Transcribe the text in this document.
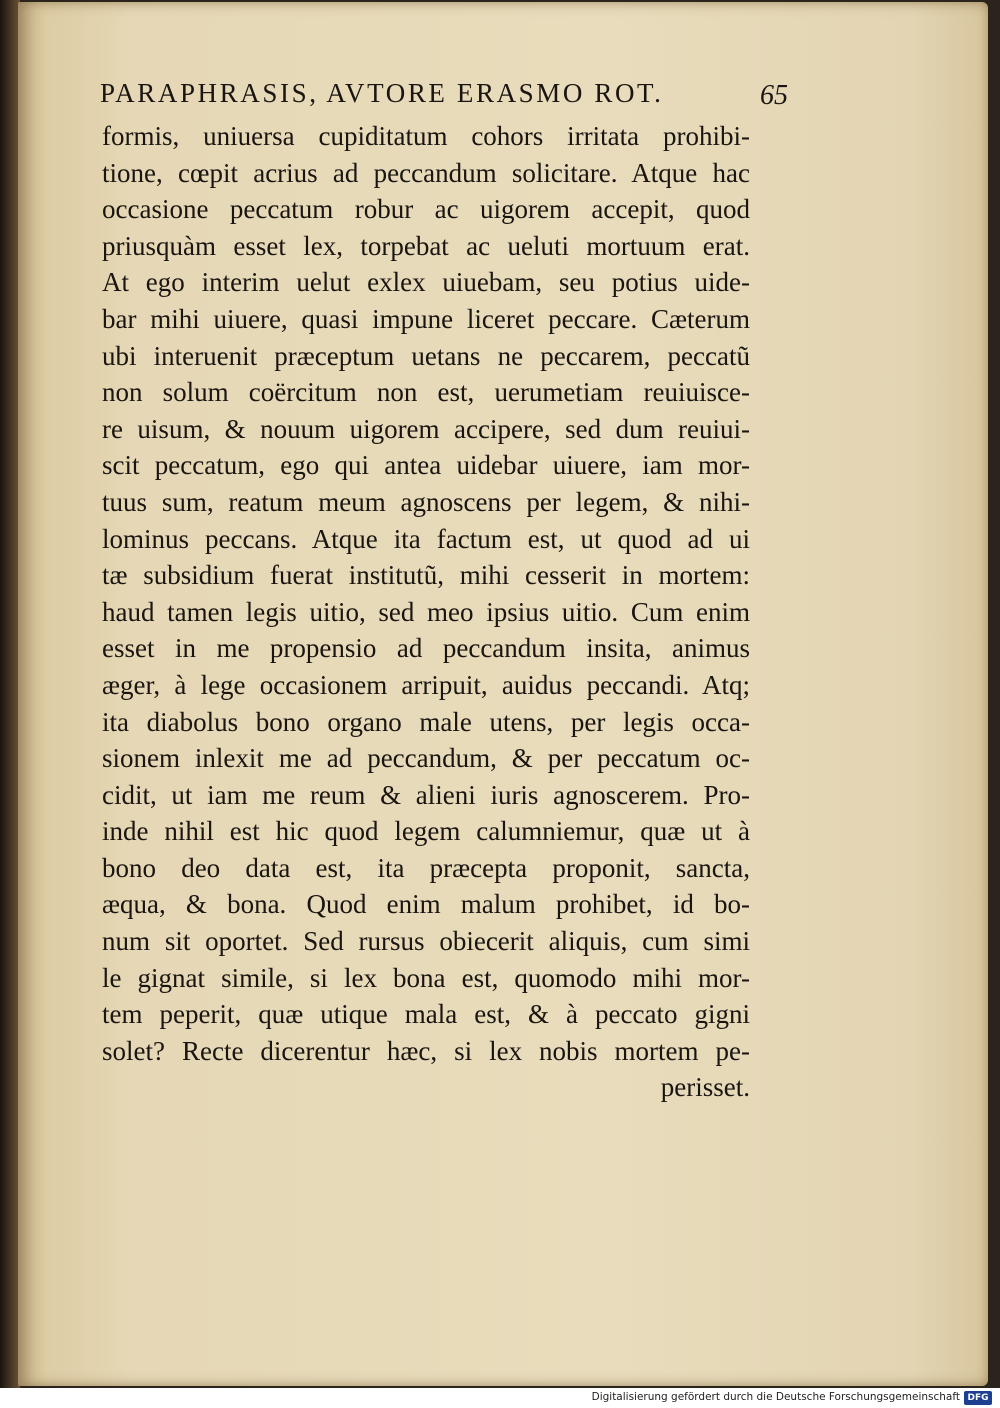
PARAPHRASIS, AVTORE ERASMO ROT.	65
formis, uniuersa cupiditatum cohors irritata prohibi-
tione, cœpit acrius ad peccandum solicitare. Atque hac
occasione peccatum robur ac uigorem accepit, quod
priusquàm esset lex, torpebat ac ueluti mortuum erat.
At ego interim uelut exlex uiuebam, seu potius uide-
bar mihi uiuere, quasi impune liceret peccare. Cæterum
ubi interuenit præceptum uetans ne peccarem, peccatũ
non solum coërcitum non est, uerumetiam reuiuisce-
re uisum, & nouum uigorem accipere, sed dum reuiui-
scit peccatum, ego qui antea uidebar uiuere, iam mor-
tuus sum, reatum meum agnoscens per legem, & nihi-
lominus peccans. Atque ita factum est, ut quod ad ui
tæ subsidium fuerat institutũ, mihi cesserit in mortem:
haud tamen legis uitio, sed meo ipsius uitio. Cum enim
esset in me propensio ad peccandum insita, animus
æger, à lege occasionem arripuit, auidus peccandi. Atq;
ita diabolus bono organo male utens, per legis occa-
sionem inlexit me ad peccandum, & per peccatum oc-
cidit, ut iam me reum & alieni iuris agnoscerem. Pro-
inde nihil est hic quod legem calumniemur, quæ ut à
bono deo data est, ita præcepta proponit, sancta,
æqua, & bona. Quod enim malum prohibet, id bo-
num sit oportet. Sed rursus obiecerit aliquis, cum simi
le gignat simile, si lex bona est, quomodo mihi mor-
tem peperit, quæ utique mala est, & à peccato gigni
solet? Recte dicerentur hæc, si lex nobis mortem pe-
perisset.
Digitalisierung gefördert durch die Deutsche Forschungsgemeinschaft DFG
